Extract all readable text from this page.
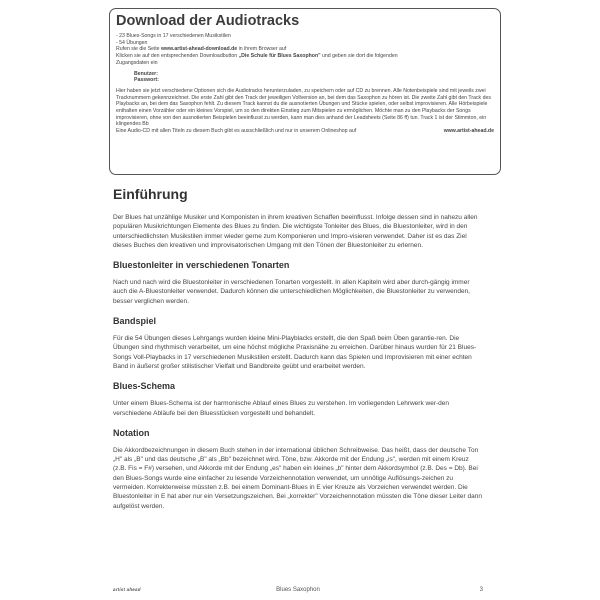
Download der Audiotracks

- 23 Blues-Songs in 17 verschiedenen Musikstilen

- 54 Übungen

Rufen sie die Seite www.artist-ahead-download.de in ihrem Browser auf

Klicken sie auf den entsprechenden Downloadbutton „Die Schule für Blues Saxophon" und geben sie dort die folgenden

Zugangsdaten ein

Benutzer:

Passwort:

Hier haben sie jetzt verschiedene Optionen sich die Audiotracks herunterzuladen, zu speichern oder auf CD zu brennen. Alle Notenbeispiele sind mit jeweils zwei Tracknummern gekennzeichnet. Die erste Zahl gibt den Track der jeweiligen Vollversion an, bei dem das Saxophon zu hören ist. Die zweite Zahl gibt den Track des Playbacks an, bei dem das Saxophon fehlt. Zu diesem Track kannst du die ausnotierten Übungen und Stücke spielen, oder selbst improvisieren. Alle Hörbeispiele enthalten einen Vorzähler oder ein kleines Vorspiel, um so den direkten Einstieg zum Mitspielen zu ermöglichen. Möchte man zu den Playbacks der Songs improvisieren, ohne von den ausnotierten Beispielen beeinflusst zu werden, kann man dies anhand der Leadsheets (Seite 86 ff) tun. Track 1 ist der Stimmton, ein klingendes Bb

Eine Audio-CD mit allen Titeln zu diesem Buch gibt es ausschließlich und nur in unserem Onlineshop auf	www.artist-ahead.de

Einführung

Der Blues hat unzählige Musiker und Komponisten in ihrem kreativen Schaffen beeinflusst. Infolge dessen sind in nahezu allen populären Musikrichtungen Elemente des Blues zu finden. Die wichtigste Tonleiter des Blues, die Bluestonleiter, wird in den unterschiedlichsten Musikstilen immer wieder gerne zum Komponieren und Impro-visieren verwendet. Daher ist es das Ziel dieses Buches den kreativen und improvisatorischen Umgang mit den Tönen der Bluestonleiter zu erlernen.

Bluestonleiter in verschiedenen Tonarten

Nach und nach wird die Bluestonleiter in verschiedenen Tonarten vorgestellt. In allen Kapiteln wird aber durch-gängig immer auch die A-Bluestonleiter verwendet. Dadurch können die unterschiedlichen Möglichkeiten, die Bluestonleiter zu verwenden, besser verglichen werden.

Bandspiel

Für die 54 Übungen dieses Lehrgangs wurden kleine Mini-Playblacks erstellt, die den Spaß beim Üben garantie-ren. Die Übungen sind rhythmisch verarbeitet, um eine höchst mögliche Praxisnähe zu erreichen. Darüber hinaus wurden für 21 Blues-Songs Voll-Playbacks in 17 verschiedenen Musikstilen erstellt. Dadurch kann das Spielen und Improvisieren mit einer echten Band in äußerst großer stilistischer Vielfalt und Bandbreite geübt und erarbeitet werden.

Blues-Schema

Unter einem Blues-Schema ist der harmonische Ablauf eines Blues zu verstehen. Im vorliegenden Lehrwerk wer-den verschiedene Abläufe bei den Bluesstücken vorgestellt und behandelt.

Notation

Die Akkordbezeichnungen in diesem Buch stehen in der international üblichen Schreibweise. Das heißt, dass der deutsche Ton „H" als „B" und das deutsche „B" als „Bb" bezeichnet wird. Töne, bzw. Akkorde mit der Endung „is", werden mit einem Kreuz (z.B. Fis = F#) versehen, und Akkorde mit der Endung „es" haben ein kleines „b" hinter dem Akkordsymbol (z.B. Des = Db). Bei den Blues-Songs wurde eine einfacher zu lesende Vorzeichennotation verwendet, um unnötige Auflösungs-zeichen zu vermeiden. Korrekterweise müssten z.B. bei einem Dominant-Blues in E vier Kreuze als Vorzeichen verwendet werden. Die Bluestonleiter in E hat aber nur ein Versetzungszeichen. Bei „korrekter" Vorzeichennotation müssten die Töne dieser Leiter dann aufgelöst werden.

artist ahead	Blues Saxophon	3
